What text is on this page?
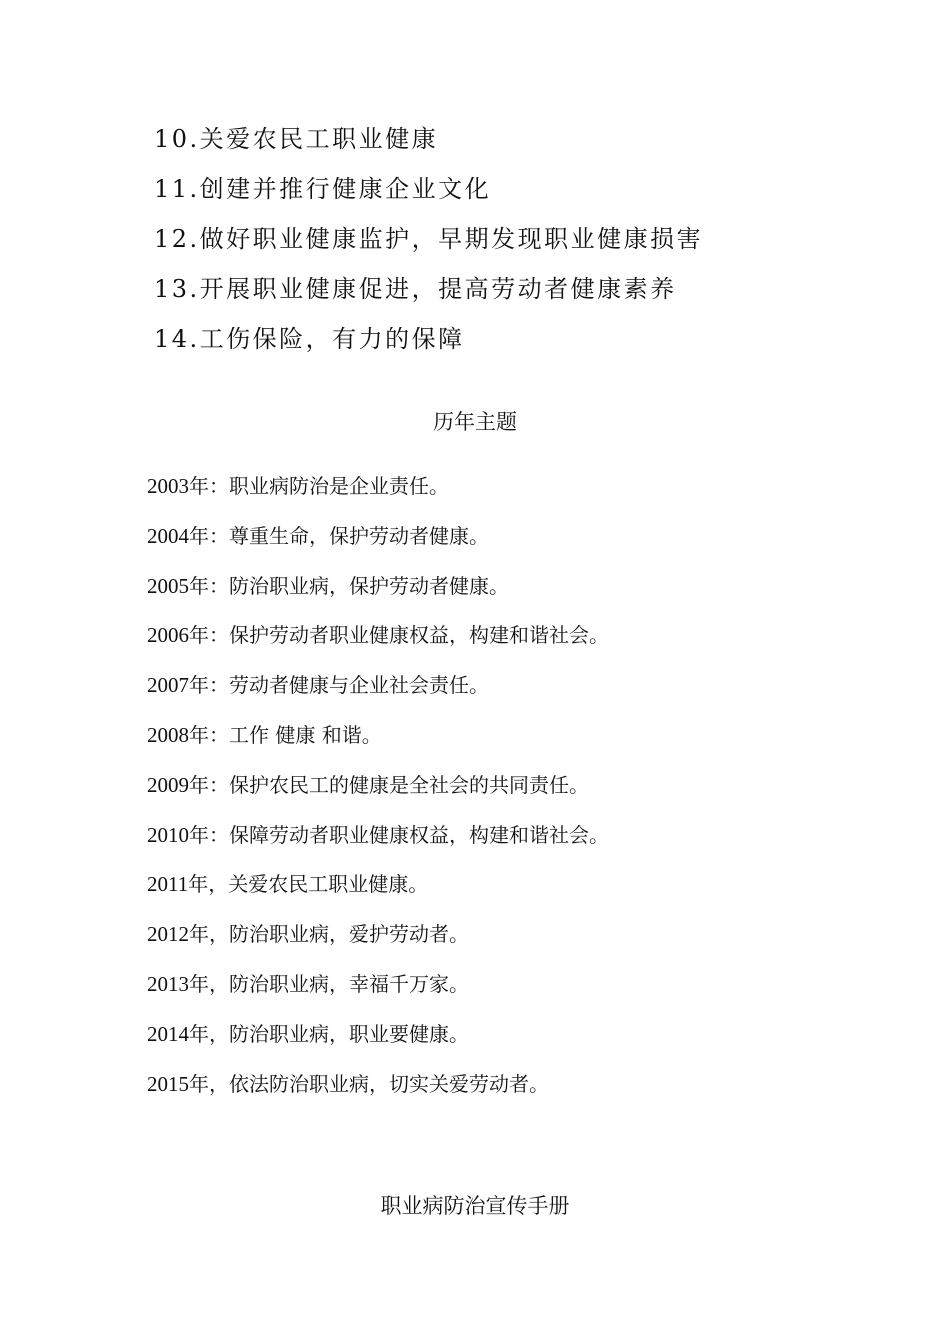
10.关爱农民工职业健康
11.创建并推行健康企业文化
12.做好职业健康监护，早期发现职业健康损害
13.开展职业健康促进，提高劳动者健康素养
14.工伤保险，有力的保障
历年主题
2003年：职业病防治是企业责任。
2004年：尊重生命，保护劳动者健康。
2005年：防治职业病，保护劳动者健康。
2006年：保护劳动者职业健康权益，构建和谐社会。
2007年：劳动者健康与企业社会责任。
2008年：工作 健康 和谐。
2009年：保护农民工的健康是全社会的共同责任。
2010年：保障劳动者职业健康权益，构建和谐社会。
2011年，关爱农民工职业健康。
2012年，防治职业病，爱护劳动者。
2013年，防治职业病，幸福千万家。
2014年，防治职业病，职业要健康。
2015年，依法防治职业病，切实关爱劳动者。
职业病防治宣传手册
